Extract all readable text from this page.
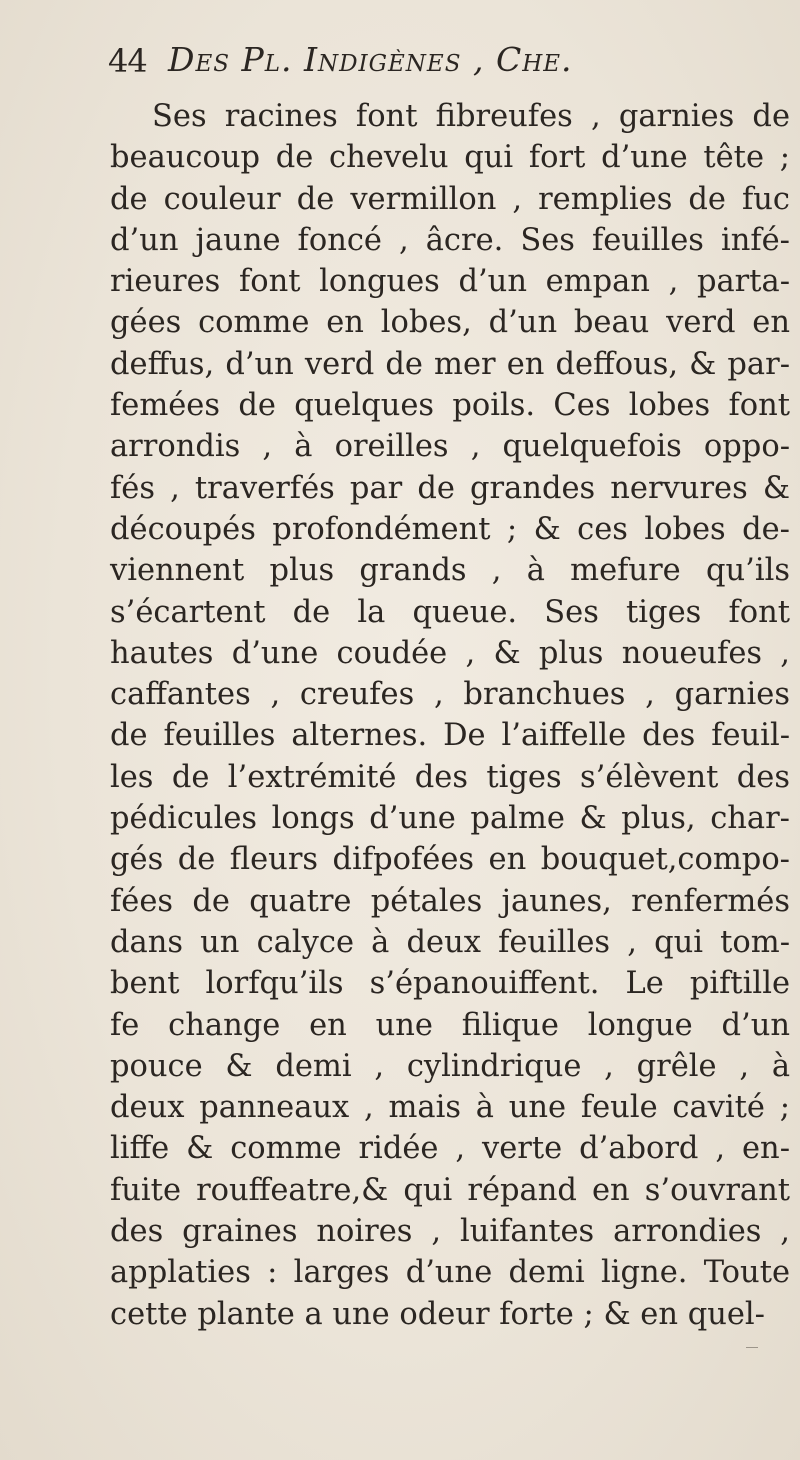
44 Des Pl. Indigènes , Che.
Ses racines font fibreufes , garnies de
beaucoup de chevelu qui fort d’une tête ;
de couleur de vermillon , remplies de fuc
d’un jaune foncé , âcre. Ses feuilles infé-
rieures font longues d’un empan , parta-
gées comme en lobes, d’un beau verd en
deffus, d’un verd de mer en deffous, & par-
femées de quelques poils. Ces lobes font
arrondis , à oreilles , quelquefois oppo-
fés , traverfés par de grandes nervures &
découpés profondément ; & ces lobes de-
viennent plus grands , à mefure qu’ils
s’écartent de la queue. Ses tiges font
hautes d’une coudée , & plus noueufes ,
caffantes , creufes , branchues , garnies
de feuilles alternes. De l’aiffelle des feuil-
les de l’extrémité des tiges s’élèvent des
pédicules longs d’une palme & plus, char-
gés de fleurs difpofées en bouquet,compo-
fées de quatre pétales jaunes, renfermés
dans un calyce à deux feuilles , qui tom-
bent lorfqu’ils s’épanouiffent. Le piftille
fe change en une filique longue d’un
pouce & demi , cylindrique , grêle , à
deux panneaux , mais à une feule cavité ;
liffe & comme ridée , verte d’abord , en-
fuite rouffeatre,& qui répand en s’ouvrant
des graines noires , luifantes arrondies ,
applaties : larges d’une demi ligne. Toute
cette plante a une odeur forte ; & en quel-
